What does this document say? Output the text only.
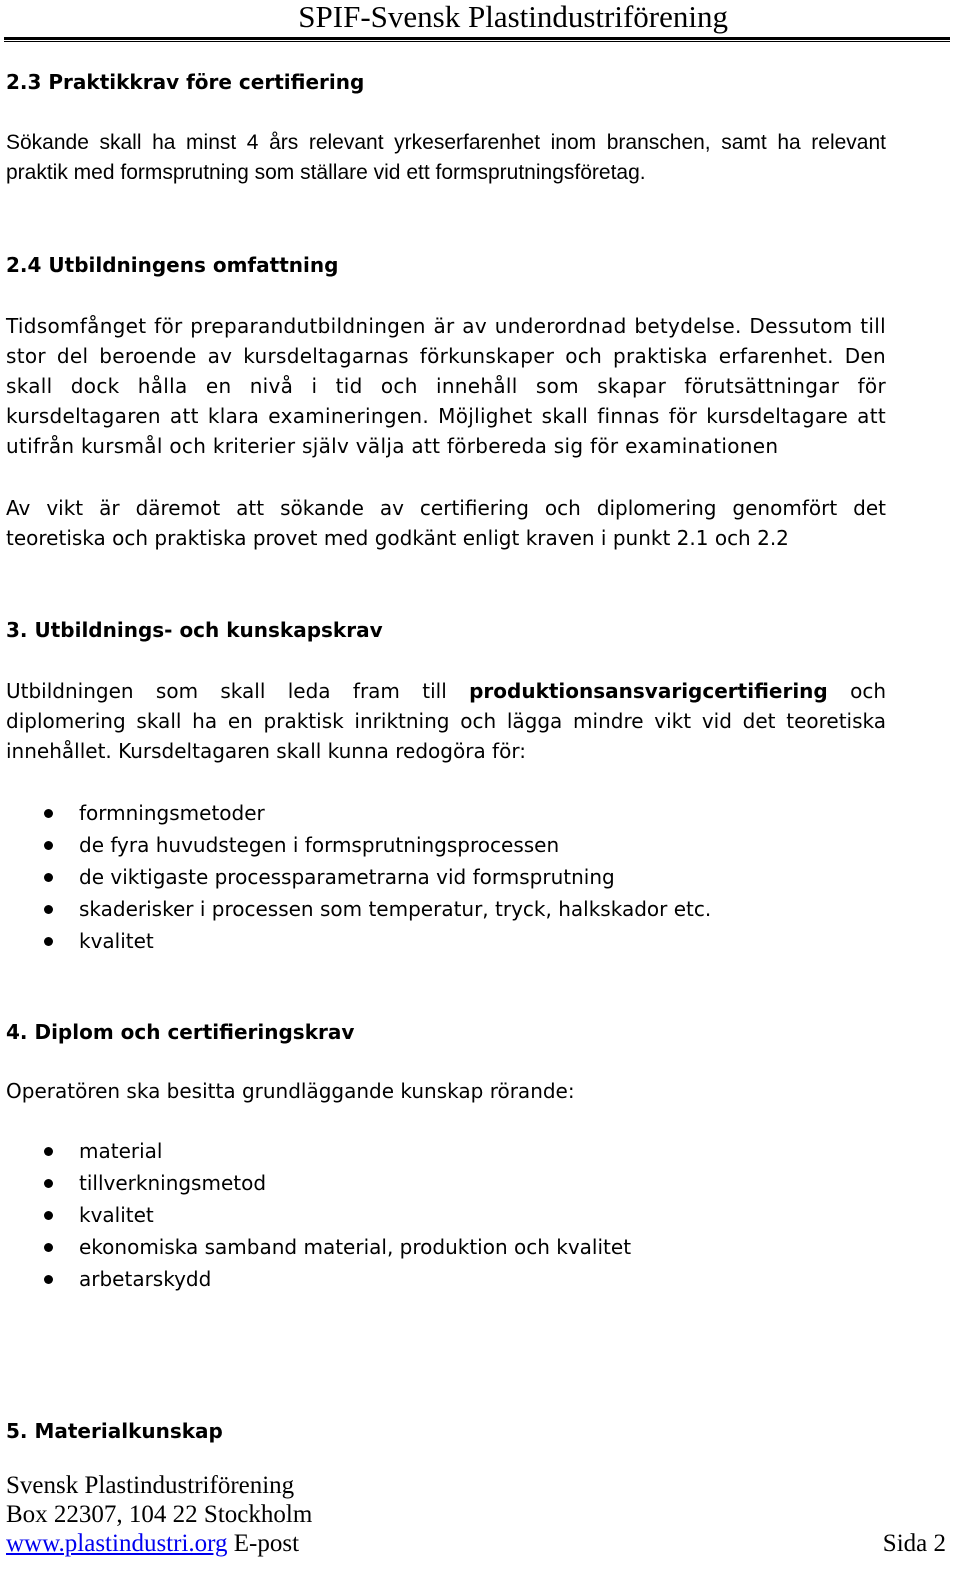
SPIF-Svensk Plastindustriförening
2.3 Praktikkrav före certifiering

Sökande skall ha minst 4 års relevant yrkeserfarenhet inom branschen, samt ha relevant praktik med formsprutning som ställare vid ett formsprutningsföretag.

2.4 Utbildningens omfattning

Tidsomfånget för preparandutbildningen är av underordnad betydelse. Dessutom till stor del beroende av kursdeltagarnas förkunskaper och praktiska erfarenhet. Den skall dock hålla en nivå i tid och innehåll som skapar förutsättningar för kursdeltagaren att klara examineringen. Möjlighet skall finnas för kursdeltagare att utifrån kursmål och kriterier själv välja att förbereda sig för examinationen

Av vikt är däremot att sökande av certifiering och diplomering genomfört det teoretiska och praktiska provet med godkänt enligt kraven i punkt 2.1 och 2.2

3. Utbildnings- och kunskapskrav

Utbildningen som skall leda fram till produktionsansvarigcertifiering och diplomering skall ha en praktisk inriktning och lägga mindre vikt vid det teoretiska innehållet. Kursdeltagaren skall kunna redogöra för:

formningsmetoder
de fyra huvudstegen i formsprutningsprocessen
de viktigaste processparametrarna vid formsprutning
skaderisker i processen som temperatur, tryck, halkskador etc.
kvalitet
4. Diplom och certifieringskrav

Operatören ska besitta grundläggande kunskap rörande:

material
tillverkningsmetod
kvalitet
ekonomiska samband material, produktion och kvalitet
arbetarskydd
5. Materialkunskap
Svensk Plastindustriförening
Box 22307, 104 22 Stockholm
www.plastindustri.org E-post	Sida 2
